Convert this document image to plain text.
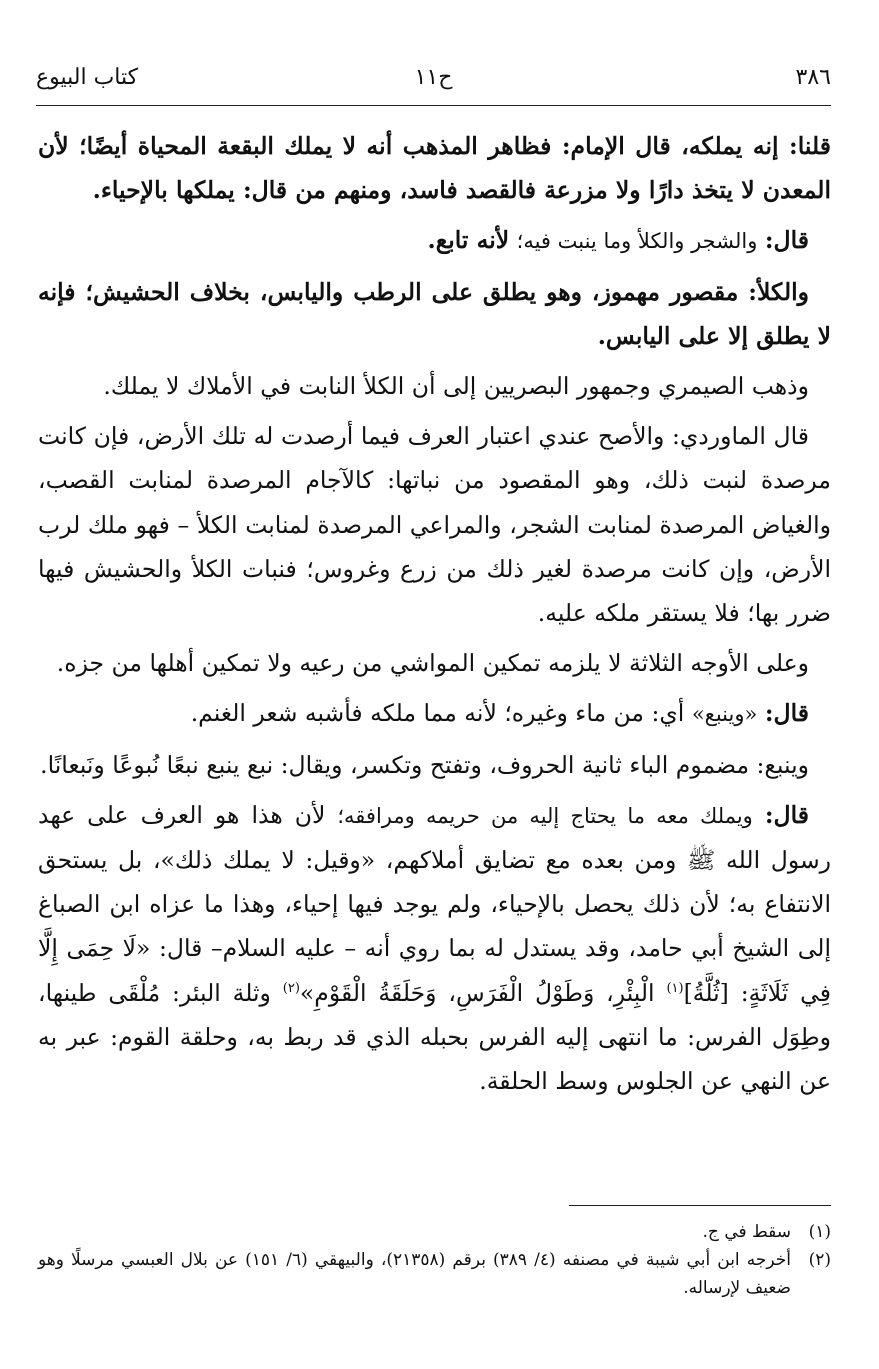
٣٨٦
ح١١
كتاب البيوع

قلنا: إنه يملكه، قال الإمام: فظاهر المذهب أنه لا يملك البقعة المحياة أيضًا؛ لأن المعدن لا يتخذ دارًا ولا مزرعة فالقصد فاسد، ومنهم من قال: يملكها بالإحياء.

قال: والشجر والكلأ وما ينبت فيه؛ لأنه تابع.

والكلأ: مقصور مهموز، وهو يطلق على الرطب واليابس، بخلاف الحشيش؛ فإنه لا يطلق إلا على اليابس.

وذهب الصيمري وجمهور البصريين إلى أن الكلأ النابت في الأملاك لا يملك.

قال الماوردي: والأصح عندي اعتبار العرف فيما أرصدت له تلك الأرض، فإن كانت مرصدة لنبت ذلك، وهو المقصود من نباتها: كالآجام المرصدة لمنابت القصب، والغياض المرصدة لمنابت الشجر، والمراعي المرصدة لمنابت الكلأ – فهو ملك لرب الأرض، وإن كانت مرصدة لغير ذلك من زرع وغروس؛ فنبات الكلأ والحشيش فيها ضرر بها؛ فلا يستقر ملكه عليه.

وعلى الأوجه الثلاثة لا يلزمه تمكين المواشي من رعيه ولا تمكين أهلها من جزه.

قال: «وينبع» أي: من ماء وغيره؛ لأنه مما ملكه فأشبه شعر الغنم.

وينبع: مضموم الباء ثانية الحروف، وتفتح وتكسر، ويقال: نبع ينبع نبعًا نُبوعًا ونَبعانًا.

قال: ويملك معه ما يحتاج إليه من حريمه ومرافقه؛ لأن هذا هو العرف على عهد رسول الله ﷺ ومن بعده مع تضايق أملاكهم، «وقيل: لا يملك ذلك»، بل يستحق الانتفاع به؛ لأن ذلك يحصل بالإحياء، ولم يوجد فيها إحياء، وهذا ما عزاه ابن الصباغ إلى الشيخ أبي حامد، وقد يستدل له بما روي أنه – عليه السلام– قال: «لَا حِمَى إِلَّا فِي ثَلَاثَةٍ: [ثُلَّةُ]$^{(١)}$ الْبِئْرِ، وَطَوْلُ الْفَرَسِ، وَحَلَقَةُ الْقَوْمِ»$^{(٢)}$ وثلة البئر: مُلْقَى طينها، وطِوَل الفرس: ما انتهى إليه الفرس بحبله الذي قد ربط به، وحلقة القوم: عبر به عن النهي عن الجلوس وسط الحلقة.

(١)
سقط في ج.

(٢)
أخرجه ابن أبي شيبة في مصنفه (٤/ ٣٨٩) برقم (٢١٣٥٨)، والبيهقي (٦/ ١٥١) عن بلال العبسي مرسلًا وهو ضعيف لإرساله.
